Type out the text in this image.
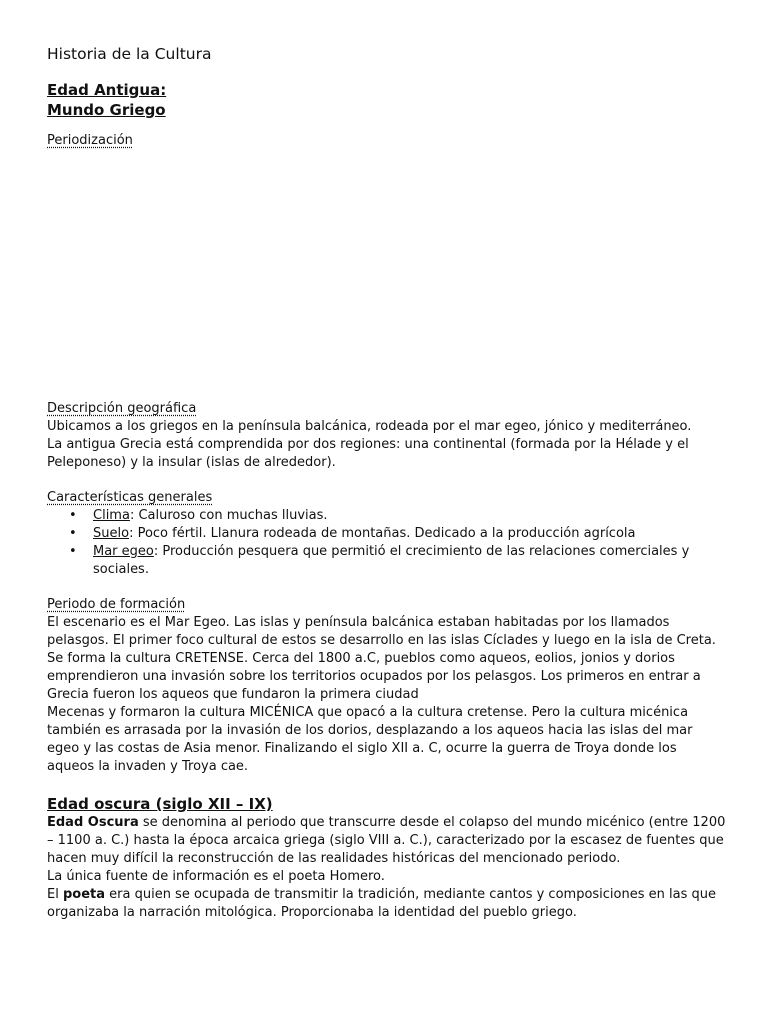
Historia de la Cultura
Edad Antigua:
Mundo Griego
Periodización
Descripción geográfica

Ubicamos a los griegos en la península balcánica, rodeada por el mar egeo, jónico y mediterráneo.

La antigua Grecia está comprendida por dos regiones: una continental (formada por la Hélade y el Peleponeso) y la insular (islas de alrededor).

Características generales
• Clima: Caluroso con muchas lluvias.
• Suelo: Poco fértil. Llanura rodeada de montañas. Dedicado a la producción agrícola
• Mar egeo: Producción pesquera que permitió el crecimiento de las relaciones comerciales y sociales.
Periodo de formación

El escenario es el Mar Egeo. Las islas y península balcánica estaban habitadas por los llamados pelasgos. El primer foco cultural de estos se desarrollo en las islas Cíclades y luego en la isla de Creta. Se forma la cultura CRETENSE. Cerca del 1800 a.C, pueblos como aqueos, eolios, jonios y dorios emprendieron una invasión sobre los territorios ocupados por los pelasgos. Los primeros en entrar a Grecia fueron los aqueos que fundaron la primera ciudad

Mecenas y formaron la cultura MICÉNICA que opacó a la cultura cretense. Pero la cultura micénica también es arrasada por la invasión de los dorios, desplazando a los aqueos hacia las islas del mar egeo y las costas de Asia menor. Finalizando el siglo XII a. C, ocurre la guerra de Troya donde los aqueos la invaden y Troya cae.

Edad oscura (siglo XII – IX)

Edad Oscura se denomina al periodo que transcurre desde el colapso del mundo micénico (entre 1200 – 1100 a. C.) hasta la época arcaica griega (siglo VIII a. C.), caracterizado por la escasez de fuentes que hacen muy difícil la reconstrucción de las realidades históricas del mencionado periodo.

La única fuente de información es el poeta Homero.

El poeta era quien se ocupada de transmitir la tradición, mediante cantos y composiciones en las que organizaba la narración mitológica. Proporcionaba la identidad del pueblo griego.
